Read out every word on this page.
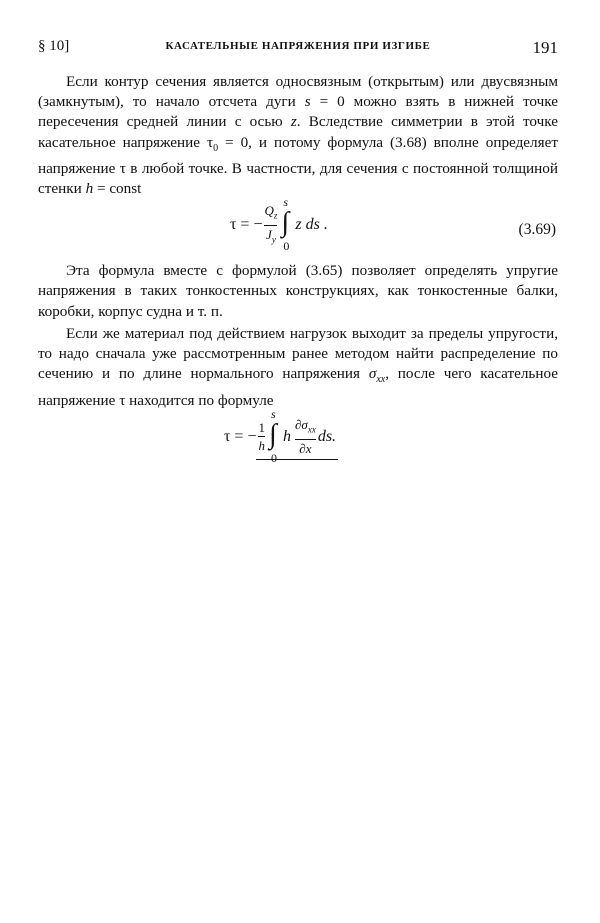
§ 10]	КАСАТЕЛЬНЫЕ НАПРЯЖЕНИЯ ПРИ ИЗГИБЕ	191

Если контур сечения является односвязным (открытым) или двусвязным (замкнутым), то начало отсчета дуги s = 0 можно взять в нижней точке пересечения средней линии с осью z. Вследствие симметрии в этой точке касательное напряжение $\tau_0 = 0$, и потому формула (3.68) вполне определяет напряжение τ в любой точке. В частности, для сечения с постоянной толщиной стенки h = const

τ = − $\frac{Q_z}{J_y}$
s
∫
0
z ds .	(3.69)

Эта формула вместе с формулой (3.65) позволяет определять упругие напряжения в таких тонкостенных конструкциях, как тонкостенные балки, коробки, корпус судна и т. п.

Если же материал под действием нагрузок выходит за пределы упругости, то надо сначала уже рассмотренным ранее методом найти распределение по сечению и по длине нормального напряжения $\sigma_{xx}$, после чего касательное напряжение τ находится по формуле

τ = − $\frac{1}{h}$
s
∫
0
h $\frac{\partial\sigma_{xx}}{\partial x}$ ds.
